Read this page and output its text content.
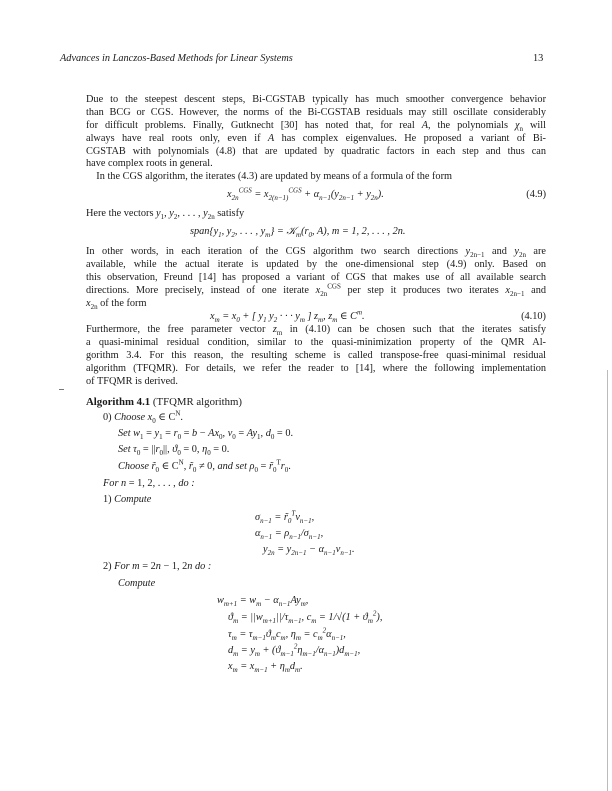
Advances in Lanczos-Based Methods for Linear Systems	13
Due to the steepest descent steps, Bi-CGSTAB typically has much smoother convergence behavior
than BCG or CGS. However, the norms of the Bi-CGSTAB residuals may still oscillate considerably
for difficult problems. Finally, Gutknecht [30] has noted that, for real A, the polynomials $\chi_n$ will
always have real roots only, even if A has complex eigenvalues. He proposed a variant of Bi-
CGSTAB with polynomials (4.8) that are updated by quadratic factors in each step and thus can
have complex roots in general.
 In the CGS algorithm, the iterates (4.3) are updated by means of a formula of the form
$x_{2n}^{CGS} = x_{2(n-1)}^{CGS} + \alpha_{n-1}(y_{2n-1} + y_{2n})$.	(4.9)
Here the vectors $y_1$, $y_2$, . . . , $y_{2n}$ satisfy
$span\{y_1$, $y_2$, . . . , $y_m$} = $𝒦_m(r_0$, A), m = 1, 2, . . . , 2n.
In other words, in each iteration of the CGS algorithm two search directions $y_{2n-1}$ and $y_{2n}$ are
available, while the actual iterate is updated by the one-dimensional step (4.9) only. Based on
this observation, Freund [14] has proposed a variant of CGS that makes use of all available search
directions. More precisely, instead of one iterate $x_{2n}^{CGS}$ per step it produces two iterates $x_{2n-1}$ and
$x_{2n}$ of the form
$x_m = x_0$ + [ $y_1$ $y_2$ · · · $y_m$ ] $z_m$, $z_m$ ∈ $C^m$.	(4.10)
Furthermore, the free parameter vector $z_m$ in (4.10) can be chosen such that the iterates satisfy
a quasi-minimal residual condition, similar to the quasi-minimization property of the QMR Al-
gorithm 3.4. For this reason, the resulting scheme is called transpose-free quasi-minimal residual
algorithm (TFQMR). For details, we refer the reader to [14], where the following implementation
of TFQMR is derived.
Algorithm 4.1 (TFQMR algorithm)
0) Choose $x_0$ ∈ $C^N$.
Set $w_1 = y_1 = r_0 = b - Ax_0$, $v_0 = Ay_1$, $d_0 = 0$.
Set $\tau_0 = ||r_0||$, $ϑ_0 = 0$, $\eta_0 = 0$.
Choose $r̃_0$ ∈ $C^N$, $r̃_0 \ne 0$, and set $\rho_0$ = $r̃_0^Tr_0$.
For n = 1, 2, . . . , do :
1) Compute
$\sigma_{n-1}$ = $r̃_0^Tv_{n-1}$,
$\alpha_{n-1} = \rho_{n-1}/\sigma_{n-1}$,
$y_{2n} = y_{2n-1} - \alpha_{n-1}v_{n-1}$.
2) For m = 2n − 1, 2n do :
Compute
$w_{m+1} = w_m - \alpha_{n-1}Ay_m$,
$ϑ_m = ||w_{m+1}||/\tau_{m-1}$, $c_m = 1/√(1 + ϑ_m^2)$,
$\tau_m = \tau_{m-1}ϑ_mc_m$, $\eta_m = c_m^2\alpha_{n-1}$,
$d_m = y_m + (ϑ_{m-1}^2\eta_{m-1}/\alpha_{n-1})d_{m-1}$,
$x_m = x_{m-1} + \eta_md_m$.
